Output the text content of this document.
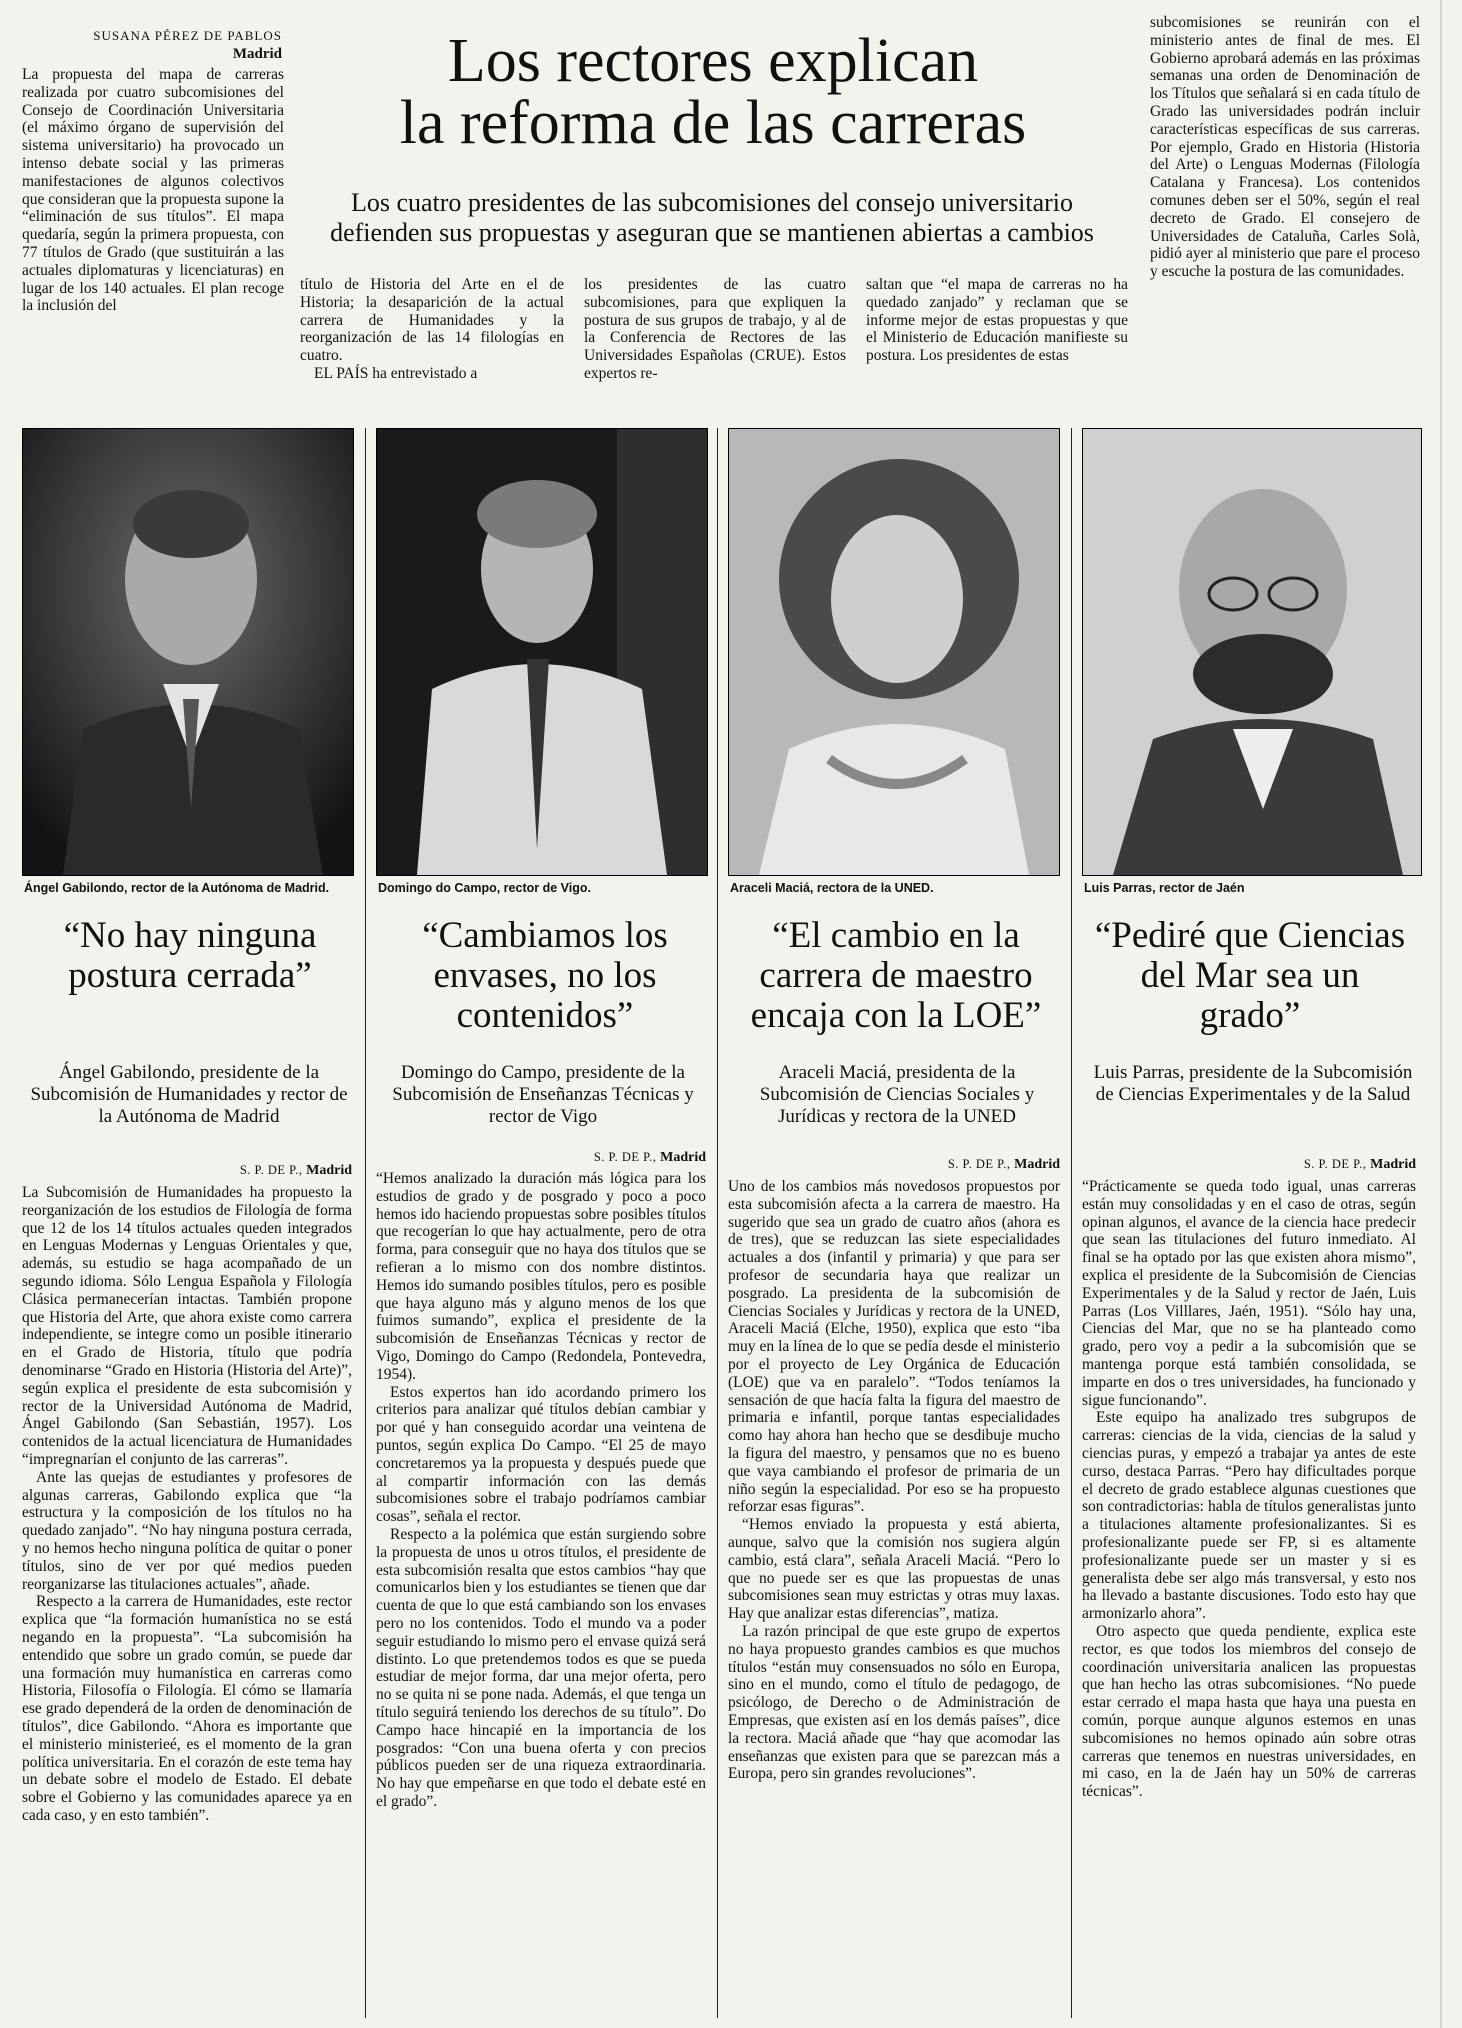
SUSANA PÉREZ DE PABLOS
Madrid

La propuesta del mapa de carreras realizada por cuatro subcomisiones del Consejo de Coordinación Universitaria (el máximo órgano de supervisión del sistema universitario) ha provocado un intenso debate social y las primeras manifestaciones de algunos colectivos que consideran que la propuesta supone la “eliminación de sus títulos”. El mapa quedaría, según la primera propuesta, con 77 títulos de Grado (que sustituirán a las actuales diplomaturas y licenciaturas) en lugar de los 140 actuales. El plan recoge la inclusión del

Los rectores explican
la reforma de las carreras
Los cuatro presidentes de las subcomisiones del consejo universitario
defienden sus propuestas y aseguran que se mantienen abiertas a cambios

título de Historia del Arte en el de Historia; la desaparición de la actual carrera de Humanidades y la reorganización de las 14 filologías en cuatro.

EL PAÍS ha entrevistado a

los presidentes de las cuatro subcomisiones, para que expliquen la postura de sus grupos de trabajo, y al de la Conferencia de Rectores de las Universidades Españolas (CRUE). Estos expertos re-

saltan que “el mapa de carreras no ha quedado zanjado” y reclaman que se informe mejor de estas propuestas y que el Ministerio de Educación manifieste su postura. Los presidentes de estas

subcomisiones se reunirán con el ministerio antes de final de mes. El Gobierno aprobará además en las próximas semanas una orden de Denominación de los Títulos que señalará si en cada título de Grado las universidades podrán incluir características específicas de sus carreras. Por ejemplo, Grado en Historia (Historia del Arte) o Lenguas Modernas (Filología Catalana y Francesa). Los contenidos comunes deben ser el 50%, según el real decreto de Grado. El consejero de Universidades de Cataluña, Carles Solà, pidió ayer al ministerio que pare el proceso y escuche la postura de las comunidades.

Ángel Gabilondo, rector de la Autónoma de Madrid.	Domingo do Campo, rector de Vigo.	Araceli Maciá, rectora de la UNED.	Luis Parras, rector de Jaén
“No hay ninguna postura cerrada”
“Cambiamos los envases, no los contenidos”
“El cambio en la carrera de maestro encaja con la LOE”
“Pediré que Ciencias del Mar sea un grado”
Ángel Gabilondo, presidente de la Subcomisión de Humanidades y rector de la Autónoma de Madrid
Domingo do Campo, presidente de la Subcomisión de Enseñanzas Técnicas y rector de Vigo
Araceli Maciá, presidenta de la Subcomisión de Ciencias Sociales y Jurídicas y rectora de la UNED
Luis Parras, presidente de la Subcomisión de Ciencias Experimentales y de la Salud
S. P. DE P., Madrid
S. P. DE P., Madrid	S. P. DE P., Madrid	S. P. DE P., Madrid

La Subcomisión de Humanidades ha propuesto la reorganización de los estudios de Filología de forma que 12 de los 14 títulos actuales queden integrados en Lenguas Modernas y Lenguas Orientales y que, además, su estudio se haga acompañado de un segundo idioma. Sólo Lengua Española y Filología Clásica permanecerían intactas. También propone que Historia del Arte, que ahora existe como carrera independiente, se integre como un posible itinerario en el Grado de Historia, título que podría denominarse “Grado en Historia (Historia del Arte)”, según explica el presidente de esta subcomisión y rector de la Universidad Autónoma de Madrid, Ángel Gabilondo (San Sebastián, 1957). Los contenidos de la actual licenciatura de Humanidades “impregnarían el conjunto de las carreras”.

Ante las quejas de estudiantes y profesores de algunas carreras, Gabilondo explica que “la estructura y la composición de los títulos no ha quedado zanjado”. “No hay ninguna postura cerrada, y no hemos hecho ninguna política de quitar o poner títulos, sino de ver por qué medios pueden reorganizarse las titulaciones actuales”, añade.

Respecto a la carrera de Humanidades, este rector explica que “la formación humanística no se está negando en la propuesta”. “La subcomisión ha entendido que sobre un grado común, se puede dar una formación muy humanística en carreras como Historia, Filosofía o Filología. El cómo se llamaría ese grado dependerá de la orden de denominación de títulos”, dice Gabilondo. “Ahora es importante que el ministerio ministerieé, es el momento de la gran política universitaria. En el corazón de este tema hay un debate sobre el modelo de Estado. El debate sobre el Gobierno y las comunidades aparece ya en cada caso, y en esto también”.

“Hemos analizado la duración más lógica para los estudios de grado y de posgrado y poco a poco hemos ido haciendo propuestas sobre posibles títulos que recogerían lo que hay actualmente, pero de otra forma, para conseguir que no haya dos títulos que se refieran a lo mismo con dos nombre distintos. Hemos ido sumando posibles títulos, pero es posible que haya alguno más y alguno menos de los que fuimos sumando”, explica el presidente de la subcomisión de Enseñanzas Técnicas y rector de Vigo, Domingo do Campo (Redondela, Pontevedra, 1954).

Estos expertos han ido acordando primero los criterios para analizar qué títulos debían cambiar y por qué y han conseguido acordar una veintena de puntos, según explica Do Campo. “El 25 de mayo concretaremos ya la propuesta y después puede que al compartir información con las demás subcomisiones sobre el trabajo podríamos cambiar cosas”, señala el rector.

Respecto a la polémica que están surgiendo sobre la propuesta de unos u otros títulos, el presidente de esta subcomisión resalta que estos cambios “hay que comunicarlos bien y los estudiantes se tienen que dar cuenta de que lo que está cambiando son los envases pero no los contenidos. Todo el mundo va a poder seguir estudiando lo mismo pero el envase quizá será distinto. Lo que pretendemos todos es que se pueda estudiar de mejor forma, dar una mejor oferta, pero no se quita ni se pone nada. Además, el que tenga un título seguirá teniendo los derechos de su título”. Do Campo hace hincapié en la importancia de los posgrados: “Con una buena oferta y con precios públicos pueden ser de una riqueza extraordinaria. No hay que empeñarse en que todo el debate esté en el grado”.

Uno de los cambios más novedosos propuestos por esta subcomisión afecta a la carrera de maestro. Ha sugerido que sea un grado de cuatro años (ahora es de tres), que se reduzcan las siete especialidades actuales a dos (infantil y primaria) y que para ser profesor de secundaria haya que realizar un posgrado. La presidenta de la subcomisión de Ciencias Sociales y Jurídicas y rectora de la UNED, Araceli Maciá (Elche, 1950), explica que esto “iba muy en la línea de lo que se pedía desde el ministerio por el proyecto de Ley Orgánica de Educación (LOE) que va en paralelo”. “Todos teníamos la sensación de que hacía falta la figura del maestro de primaria e infantil, porque tantas especialidades como hay ahora han hecho que se desdibuje mucho la figura del maestro, y pensamos que no es bueno que vaya cambiando el profesor de primaria de un niño según la especialidad. Por eso se ha propuesto reforzar esas figuras”.

“Hemos enviado la propuesta y está abierta, aunque, salvo que la comisión nos sugiera algún cambio, está clara”, señala Araceli Maciá. “Pero lo que no puede ser es que las propuestas de unas subcomisiones sean muy estrictas y otras muy laxas. Hay que analizar estas diferencias”, matiza.

La razón principal de que este grupo de expertos no haya propuesto grandes cambios es que muchos títulos “están muy consensuados no sólo en Europa, sino en el mundo, como el título de pedagogo, de psicólogo, de Derecho o de Administración de Empresas, que existen así en los demás países”, dice la rectora. Maciá añade que “hay que acomodar las enseñanzas que existen para que se parezcan más a Europa, pero sin grandes revoluciones”.

“Prácticamente se queda todo igual, unas carreras están muy consolidadas y en el caso de otras, según opinan algunos, el avance de la ciencia hace predecir que sean las titulaciones del futuro inmediato. Al final se ha optado por las que existen ahora mismo”, explica el presidente de la Subcomisión de Ciencias Experimentales y de la Salud y rector de Jaén, Luis Parras (Los Villlares, Jaén, 1951). “Sólo hay una, Ciencias del Mar, que no se ha planteado como grado, pero voy a pedir a la subcomisión que se mantenga porque está también consolidada, se imparte en dos o tres universidades, ha funcionado y sigue funcionando”.

Este equipo ha analizado tres subgrupos de carreras: ciencias de la vida, ciencias de la salud y ciencias puras, y empezó a trabajar ya antes de este curso, destaca Parras. “Pero hay dificultades porque el decreto de grado establece algunas cuestiones que son contradictorias: habla de títulos generalistas junto a titulaciones altamente profesionalizantes. Si es profesionalizante puede ser FP, si es altamente profesionalizante puede ser un master y si es generalista debe ser algo más transversal, y esto nos ha llevado a bastante discusiones. Todo esto hay que armonizarlo ahora”.

Otro aspecto que queda pendiente, explica este rector, es que todos los miembros del consejo de coordinación universitaria analicen las propuestas que han hecho las otras subcomisiones. “No puede estar cerrado el mapa hasta que haya una puesta en común, porque aunque algunos estemos en unas subcomisiones no hemos opinado aún sobre otras carreras que tenemos en nuestras universidades, en mi caso, en la de Jaén hay un 50% de carreras técnicas”.
